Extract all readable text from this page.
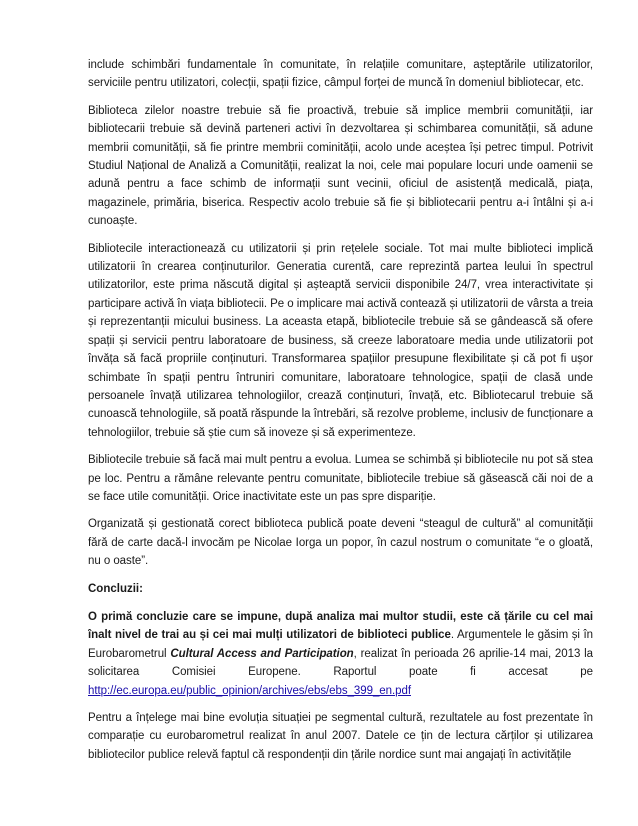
include schimbări fundamentale în comunitate, în relațiile comunitare, așteptările utilizatorilor, serviciile pentru utilizatori, colecții, spații fizice, câmpul forței de muncă în domeniul bibliotecar, etc.

Biblioteca zilelor noastre trebuie să fie proactivă, trebuie să implice membrii comunității, iar bibliotecarii trebuie să devină parteneri activi în dezvoltarea și schimbarea comunității, să adune membrii comunității, să fie printre membrii cominității, acolo unde aceștea își petrec timpul. Potrivit Studiul Național de Analiză a Comunității, realizat la noi, cele mai populare locuri unde oamenii se adună pentru a face schimb de informații sunt vecinii, oficiul de asistență medicală, piața, magazinele, primăria, biserica. Respectiv acolo trebuie să fie și bibliotecarii pentru a-i întâlni și a-i cunoaște.

Bibliotecile interactionează cu utilizatorii și prin rețelele sociale. Tot mai multe biblioteci implică utilizatorii în crearea conținuturilor. Generatia curentă, care reprezintă partea leului în spectrul utilizatorilor, este prima născută digital și așteaptă servicii disponibile 24/7, vrea interactivitate și participare activă în viața bibliotecii. Pe o implicare mai activă contează și utilizatorii de vârsta a treia și reprezentanții micului business. La aceasta etapă, bibliotecile trebuie să se gândească să ofere spații și servicii pentru laboratoare de business, să creeze laboratoare media unde utilizatorii pot învăța să facă propriile conținuturi. Transformarea spațiilor presupune flexibilitate și că pot fi ușor schimbate în spații pentru întruniri comunitare, laboratoare tehnologice, spații de clasă unde persoanele învață utilizarea tehnologiilor, crează conținuturi, învață, etc. Bibliotecarul trebuie să cunoască tehnologiile, să poată răspunde la întrebări, să rezolve probleme, inclusiv de funcționare a tehnologiilor, trebuie să știe cum să inoveze și să experimenteze.

Bibliotecile trebuie să facă mai mult pentru a evolua. Lumea se schimbă și bibliotecile nu pot să stea pe loc. Pentru a rămâne relevante pentru comunitate, bibliotecile trebiue să găsească căi noi de a se face utile comunității. Orice inactivitate este un pas spre dispariție.

Organizată și gestionată corect biblioteca publică poate deveni “steagul de cultură” al comunității fără de carte dacă-l invocăm pe Nicolae Iorga un popor, în cazul nostrum o comunitate “e o gloată, nu o oaste”.

Concluzii:

O primă concluzie care se impune, după analiza mai multor studii, este că țările cu cel mai înalt nivel de trai au și cei mai mulți utilizatori de biblioteci publice. Argumentele le găsim și în Eurobarometrul Cultural Access and Participation, realizat în perioada 26 aprilie-14 mai, 2013 la solicitarea Comisiei Europene. Raportul poate fi accesat pe http://ec.europa.eu/public_opinion/archives/ebs/ebs_399_en.pdf

Pentru a înțelege mai bine evoluția situației pe segmental cultură, rezultatele au fost prezentate în comparație cu eurobarometrul realizat în anul 2007. Datele ce țin de lectura cărților și utilizarea bibliotecilor publice relevă faptul că respondenții din țările nordice sunt mai angajați în activitățile
